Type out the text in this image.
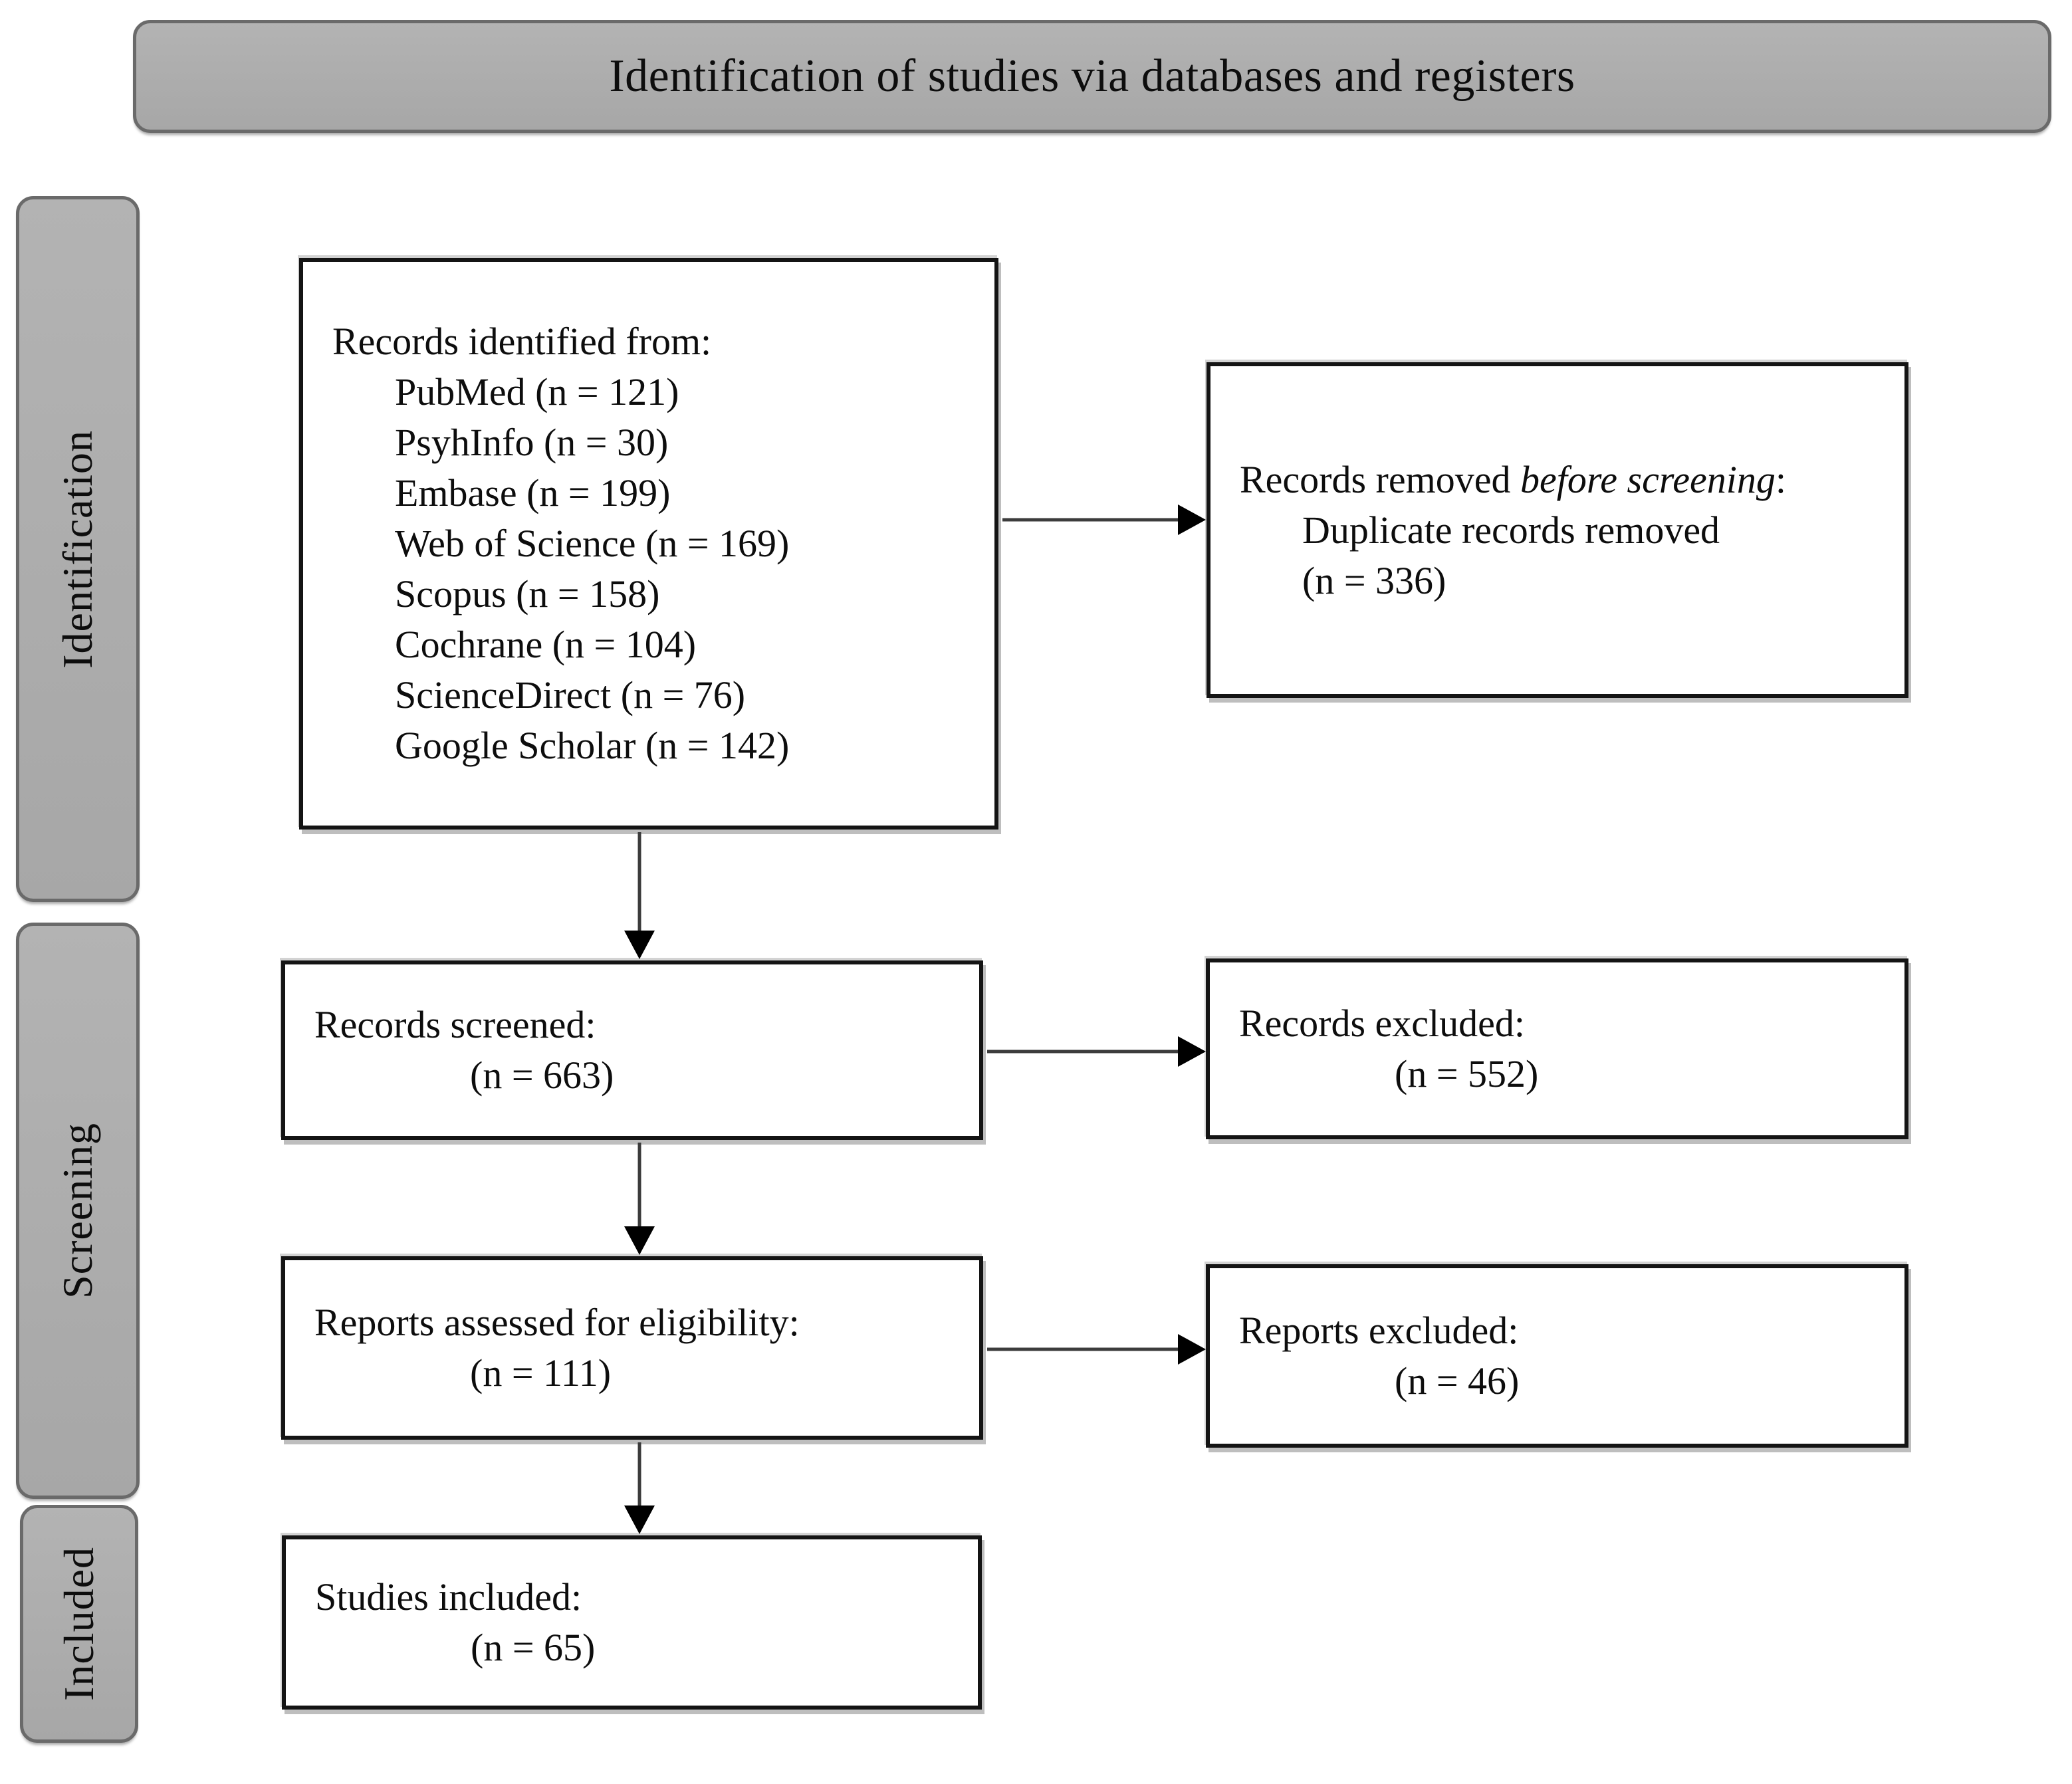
Identification of studies via databases and registers
Identification
Screening
Included
Records identified from:
PubMed (n = 121)
PsyhInfo (n = 30)
Embase (n = 199)
Web of Science (n = 169)
Scopus (n = 158)
Cochrane (n = 104)
ScienceDirect (n = 76)
Google Scholar (n = 142)
Records removed before screening:
Duplicate records removed
(n = 336)
Records screened:
(n = 663)
Records excluded:
(n = 552)
Reports assessed for eligibility:
(n = 111)
Reports excluded:
(n = 46)
Studies included:
(n = 65)
